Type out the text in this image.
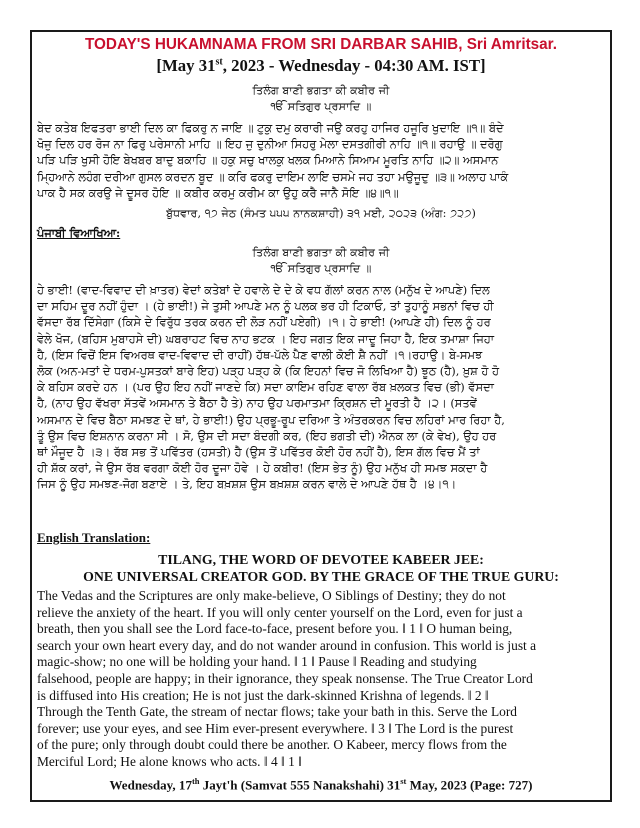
TODAY'S HUKAMNAMA FROM SRI DARBAR SAHIB, Sri Amritsar.
[May 31st, 2023 - Wednesday - 04:30 AM. IST]
ਤਿਲੰਗ ਬਾਣੀ ਭਗਤਾ ਕੀ ਕਬੀਰ ਜੀ
ੴ ਸਤਿਗੁਰ ਪ੍ਰਸਾਦਿ ॥
ਬੇਦ ਕਤੇਬ ਇਫਤਰਾ ਭਾਈ ਦਿਲ ਕਾ ਫਿਕਰੁ ਨ ਜਾਇ ॥ ਟੁਕੁ ਦਮੁ ਕਰਾਰੀ ਜਉ ਕਰਹੁ ਹਾਜਿਰ ਹਜੂਰਿ ਖੁਦਾਇ ॥੧॥ ਬੰਦੇ
ਖੋਜੁ ਦਿਲ ਹਰ ਰੋਜ ਨਾ ਫਿਰੁ ਪਰੇਸਾਨੀ ਮਾਹਿ ॥ ਇਹ ਜੁ ਦੁਨੀਆ ਸਿਹਰੁ ਮੇਲਾ ਦਸਤਗੀਰੀ ਨਾਹਿ ॥੧॥ ਰਹਾਉ ॥ ਦਰੋਗੁ
ਪੜਿ ਪੜਿ ਖੁਸੀ ਹੋਇ ਬੇਖਬਰ ਬਾਦੁ ਬਕਾਹਿ ॥ ਹਕੁ ਸਚੁ ਖਾਲਕੁ ਖਲਕ ਮਿਆਨੇ ਸਿਆਮ ਮੂਰਤਿ ਨਾਹਿ ॥੨॥ ਅਸਮਾਨ
ਮ੍ਹਿਆਨੇ ਲਹੰਗ ਦਰੀਆ ਗੁਸਲ ਕਰਦਨ ਬੂਦ ॥ ਕਰਿ ਫਕਰੁ ਦਾਇਮ ਲਾਇ ਚਸਮੇ ਜਹ ਤਹਾ ਮਉਜੂਦੁ ॥੩॥ ਅਲਾਹ ਪਾਕੰ
ਪਾਕ ਹੈ ਸਕ ਕਰਉ ਜੇ ਦੂਸਰ ਹੋਇ ॥ ਕਬੀਰ ਕਰਮੁ ਕਰੀਮ ਕਾ ਉਹੁ ਕਰੈ ਜਾਨੈ ਸੋਇ ॥੪॥੧॥
ਬੁੱਧਵਾਰ, ੧੭ ਜੇਠ (ਸੰਮਤ ੫੫੫ ਨਾਨਕਸ਼ਾਹੀ) ੩੧ ਮਈ, ੨੦੨੩ (ਅੰਗ: ੭੨੭)
ਪੰਜਾਬੀ ਵਿਆਖਿਆ:
ਤਿਲੰਗ ਬਾਣੀ ਭਗਤਾ ਕੀ ਕਬੀਰ ਜੀ
ੴ ਸਤਿਗੁਰ ਪ੍ਰਸਾਦਿ ॥
ਹੇ ਭਾਈ! (ਵਾਦ-ਵਿਵਾਦ ਦੀ ਖ਼ਾਤਰ) ਵੇਦਾਂ ਕਤੇਬਾਂ ਦੇ ਹਵਾਲੇ ਦੇ ਦੇ ਕੇ ਵਧ ਗੱਲਾਂ ਕਰਨ ਨਾਲ (ਮਨੁੱਖ ਦੇ ਆਪਣੇ) ਦਿਲ
ਦਾ ਸਹਿਮ ਦੂਰ ਨਹੀਂ ਹੁੰਦਾ । (ਹੇ ਭਾਈ!) ਜੇ ਤੁਸੀ ਆਪਣੇ ਮਨ ਨੂੰ ਪਲਕ ਭਰ ਹੀ ਟਿਕਾਓ, ਤਾਂ ਤੁਹਾਨੂੰ ਸਭਨਾਂ ਵਿਚ ਹੀ
ਵੱਸਦਾ ਰੱਬ ਦਿੱਸੇਗਾ (ਕਿਸੇ ਦੇ ਵਿਰੁੱਧ ਤਰਕ ਕਰਨ ਦੀ ਲੋੜ ਨਹੀਂ ਪਏਗੀ) ।੧। ਹੇ ਭਾਈ! (ਆਪਣੇ ਹੀ) ਦਿਲ ਨੂੰ ਹਰ
ਵੇਲੇ ਖੋਜ, (ਬਹਿਸ ਮੁਬਾਹਸੇ ਦੀ) ਘਬਰਾਹਟ ਵਿਚ ਨਾਹ ਭਟਕ । ਇਹ ਜਗਤ ਇਕ ਜਾਦੂ ਜਿਹਾ ਹੈ, ਇਕ ਤਮਾਸ਼ਾ ਜਿਹਾ
ਹੈ, (ਇਸ ਵਿਚੋਂ ਇਸ ਵਿਅਰਥ ਵਾਦ-ਵਿਵਾਦ ਦੀ ਰਾਹੀਂ) ਹੱਥ-ਪੱਲੇ ਪੈਣ ਵਾਲੀ ਕੋਈ ਸ਼ੈ ਨਹੀਂ ।੧।ਰਹਾਉ। ਬੇ-ਸਮਝ
ਲੋਕ (ਅਨ-ਮਤਾਂ ਦੇ ਧਰਮ-ਪੁਸਤਕਾਂ ਬਾਰੇ ਇਹ) ਪੜ੍ਹ ਪੜ੍ਹ ਕੇ (ਕਿ ਇਹਨਾਂ ਵਿਚ ਜੋ ਲਿਖਿਆ ਹੈ) ਝੂਠ (ਹੈ), ਖ਼ੁਸ਼ ਹੋ ਹੋ
ਕੇ ਬਹਿਸ ਕਰਦੇ ਹਨ । (ਪਰ ਉਹ ਇਹ ਨਹੀਂ ਜਾਣਦੇ ਕਿ) ਸਦਾ ਕਾਇਮ ਰਹਿਣ ਵਾਲਾ ਰੱਬ ਖ਼ਲਕਤ ਵਿਚ (ਭੀ) ਵੱਸਦਾ
ਹੈ, (ਨਾਹ ਉਹ ਵੱਖਰਾ ਸੱਤਵੇਂ ਅਸਮਾਨ ਤੇ ਬੈਠਾ ਹੈ ਤੇ) ਨਾਹ ਉਹ ਪਰਮਾਤਮਾ ਕ੍ਰਿਸ਼ਨ ਦੀ ਮੂਰਤੀ ਹੈ ।੨। (ਸਤਵੇਂ
ਅਸਮਾਨ ਦੇ ਵਿਚ ਬੈਠਾ ਸਮਝਣ ਦੇ ਥਾਂ, ਹੇ ਭਾਈ!) ਉਹ ਪ੍ਰਭੂ-ਰੂਪ ਦਰਿਆ ਤੇ ਅੰਤਰਕਰਨ ਵਿਚ ਲਹਿਰਾਂ ਮਾਰ ਰਿਹਾ ਹੈ,
ਤੂੰ ਉਸ ਵਿਚ ਇਸ਼ਨਾਨ ਕਰਨਾ ਸੀ । ਸੋ, ਉਸ ਦੀ ਸਦਾ ਬੰਦਗੀ ਕਰ, (ਇਹ ਭਗਤੀ ਦੀ) ਐਨਕ ਲਾ (ਕੇ ਵੇਖ), ਉਹ ਹਰ
ਥਾਂ ਮੌਜੂਦ ਹੈ ।੩। ਰੱਬ ਸਭ ਤੋਂ ਪਵਿੱਤਰ (ਹਸਤੀ) ਹੈ (ਉਸ ਤੋਂ ਪਵਿੱਤਰ ਕੋਈ ਹੋਰ ਨਹੀਂ ਹੈ), ਇਸ ਗੱਲ ਵਿਚ ਮੈਂ ਤਾਂ
ਹੀ ਸ਼ੱਕ ਕਰਾਂ, ਜੇ ਉਸ ਰੱਬ ਵਰਗਾ ਕੋਈ ਹੋਰ ਦੂਜਾ ਹੋਵੇ । ਹੇ ਕਬੀਰ! (ਇਸ ਭੇਤ ਨੂੰ) ਉਹ ਮਨੁੱਖ ਹੀ ਸਮਝ ਸਕਦਾ ਹੈ
ਜਿਸ ਨੂੰ ਉਹ ਸਮਝਣ-ਜੋਗ ਬਣਾਏ । ਤੇ, ਇਹ ਬਖ਼ਸ਼ਸ਼ ਉਸ ਬਖ਼ਸ਼ਸ਼ ਕਰਨ ਵਾਲੇ ਦੇ ਆਪਣੇ ਹੱਥ ਹੈ ।੪।੧।
English Translation:
TILANG, THE WORD OF DEVOTEE KABEER JEE:
ONE UNIVERSAL CREATOR GOD. BY THE GRACE OF THE TRUE GURU:
The Vedas and the Scriptures are only make-believe, O Siblings of Destiny; they do not
relieve the anxiety of the heart. If you will only center yourself on the Lord, even for just a
breath, then you shall see the Lord face-to-face, present before you. ‖ 1 ‖ O human being,
search your own heart every day, and do not wander around in confusion. This world is just a
magic-show; no one will be holding your hand. ‖ 1 ‖ Pause ‖ Reading and studying
falsehood, people are happy; in their ignorance, they speak nonsense. The True Creator Lord
is diffused into His creation; He is not just the dark-skinned Krishna of legends. ‖ 2 ‖
Through the Tenth Gate, the stream of nectar flows; take your bath in this. Serve the Lord
forever; use your eyes, and see Him ever-present everywhere. ‖ 3 ‖ The Lord is the purest
of the pure; only through doubt could there be another. O Kabeer, mercy flows from the
Merciful Lord; He alone knows who acts. ‖ 4 ‖ 1 ‖
Wednesday, 17th Jayt'h (Samvat 555 Nanakshahi) 31st May, 2023 (Page: 727)
